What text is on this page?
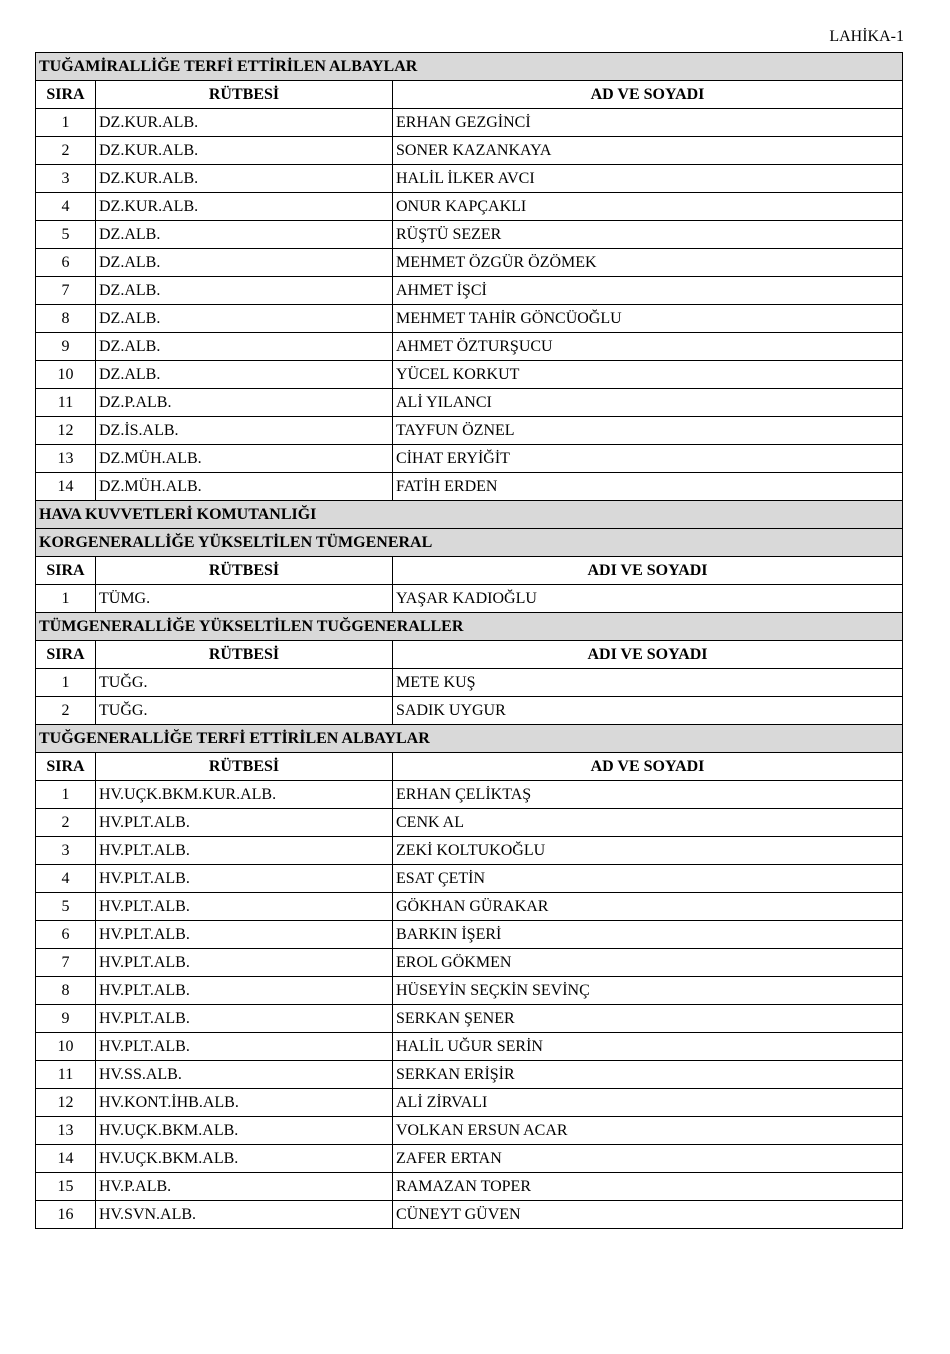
LAHİKA-1
TUĞAMİRALLİĞE TERFİ ETTİRİLEN ALBAYLAR		
SIRA	RÜTBESİ	AD VE SOYADI
1	DZ.KUR.ALB.	ERHAN GEZGİNCİ
2	DZ.KUR.ALB.	SONER KAZANKAYA
3	DZ.KUR.ALB.	HALİL İLKER AVCI
4	DZ.KUR.ALB.	ONUR KAPÇAKLI
5	DZ.ALB.	RÜŞTÜ SEZER
6	DZ.ALB.	MEHMET ÖZGÜR ÖZÖMEK
7	DZ.ALB.	AHMET İŞCİ
8	DZ.ALB.	MEHMET TAHİR GÖNCÜOĞLU
9	DZ.ALB.	AHMET ÖZTURŞUCU
10	DZ.ALB.	YÜCEL KORKUT
11	DZ.P.ALB.	ALİ YILANCI
12	DZ.İS.ALB.	TAYFUN ÖZNEL
13	DZ.MÜH.ALB.	CİHAT ERYİĞİT
14	DZ.MÜH.ALB.	FATİH ERDEN
HAVA KUVVETLERİ KOMUTANLIĞI		
KORGENERALLİĞE YÜKSELTİLEN TÜMGENERAL		
SIRA	RÜTBESİ	ADI VE SOYADI
1	TÜMG.	YAŞAR KADIOĞLU
TÜMGENERALLİĞE YÜKSELTİLEN TUĞGENERALLER		
SIRA	RÜTBESİ	ADI VE SOYADI
1	TUĞG.	METE KUŞ
2	TUĞG.	SADIK UYGUR
TUĞGENERALLİĞE TERFİ ETTİRİLEN ALBAYLAR		
SIRA	RÜTBESİ	AD VE SOYADI
1	HV.UÇK.BKM.KUR.ALB.	ERHAN ÇELİKTAŞ
2	HV.PLT.ALB.	CENK AL
3	HV.PLT.ALB.	ZEKİ KOLTUKOĞLU
4	HV.PLT.ALB.	ESAT ÇETİN
5	HV.PLT.ALB.	GÖKHAN GÜRAKAR
6	HV.PLT.ALB.	BARKIN İŞERİ
7	HV.PLT.ALB.	EROL GÖKMEN
8	HV.PLT.ALB.	HÜSEYİN SEÇKİN SEVİNÇ
9	HV.PLT.ALB.	SERKAN ŞENER
10	HV.PLT.ALB.	HALİL UĞUR SERİN
11	HV.SS.ALB.	SERKAN ERİŞİR
12	HV.KONT.İHB.ALB.	ALİ ZİRVALI
13	HV.UÇK.BKM.ALB.	VOLKAN ERSUN ACAR
14	HV.UÇK.BKM.ALB.	ZAFER ERTAN
15	HV.P.ALB.	RAMAZAN TOPER
16	HV.SVN.ALB.	CÜNEYT GÜVEN
